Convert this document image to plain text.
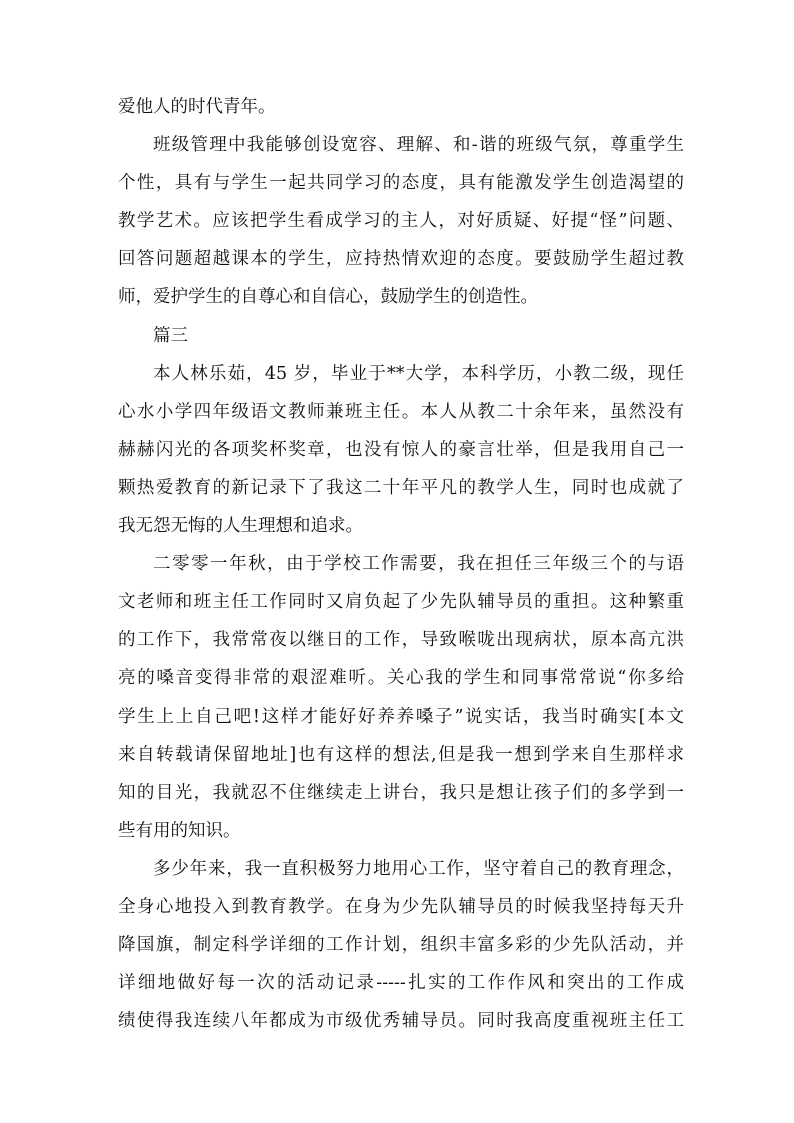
爱他人的时代青年。
班级管理中我能够创设宽容、理解、和-谐的班级气氛，尊重学生
个性，具有与学生一起共同学习的态度，具有能激发学生创造渴望的
教学艺术。应该把学生看成学习的主人，对好质疑、好提“怪”问题、
回答问题超越课本的学生，应持热情欢迎的态度。要鼓励学生超过教
师，爱护学生的自尊心和自信心，鼓励学生的创造性。
篇三
本人林乐茹，45 岁，毕业于**大学，本科学历，小教二级，现任
心水小学四年级语文教师兼班主任。本人从教二十余年来，虽然没有
赫赫闪光的各项奖杯奖章，也没有惊人的豪言壮举，但是我用自己一
颗热爱教育的新记录下了我这二十年平凡的教学人生，同时也成就了
我无怨无悔的人生理想和追求。
二零零一年秋，由于学校工作需要，我在担任三年级三个的与语
文老师和班主任工作同时又肩负起了少先队辅导员的重担。这种繁重
的工作下，我常常夜以继日的工作，导致喉咙出现病状，原本高亢洪
亮的嗓音变得非常的艰涩难听。关心我的学生和同事常常说“你多给
学生上上自己吧!这样才能好好养养嗓子”说实话，我当时确实[本文
来自转载请保留地址]也有这样的想法,但是我一想到学来自生那样求
知的目光，我就忍不住继续走上讲台，我只是想让孩子们的多学到一
些有用的知识。
多少年来，我一直积极努力地用心工作，坚守着自己的教育理念，
全身心地投入到教育教学。在身为少先队辅导员的时候我坚持每天升
降国旗，制定科学详细的工作计划，组织丰富多彩的少先队活动，并
详细地做好每一次的活动记录-----扎实的工作作风和突出的工作成
绩使得我连续八年都成为市级优秀辅导员。同时我高度重视班主任工
